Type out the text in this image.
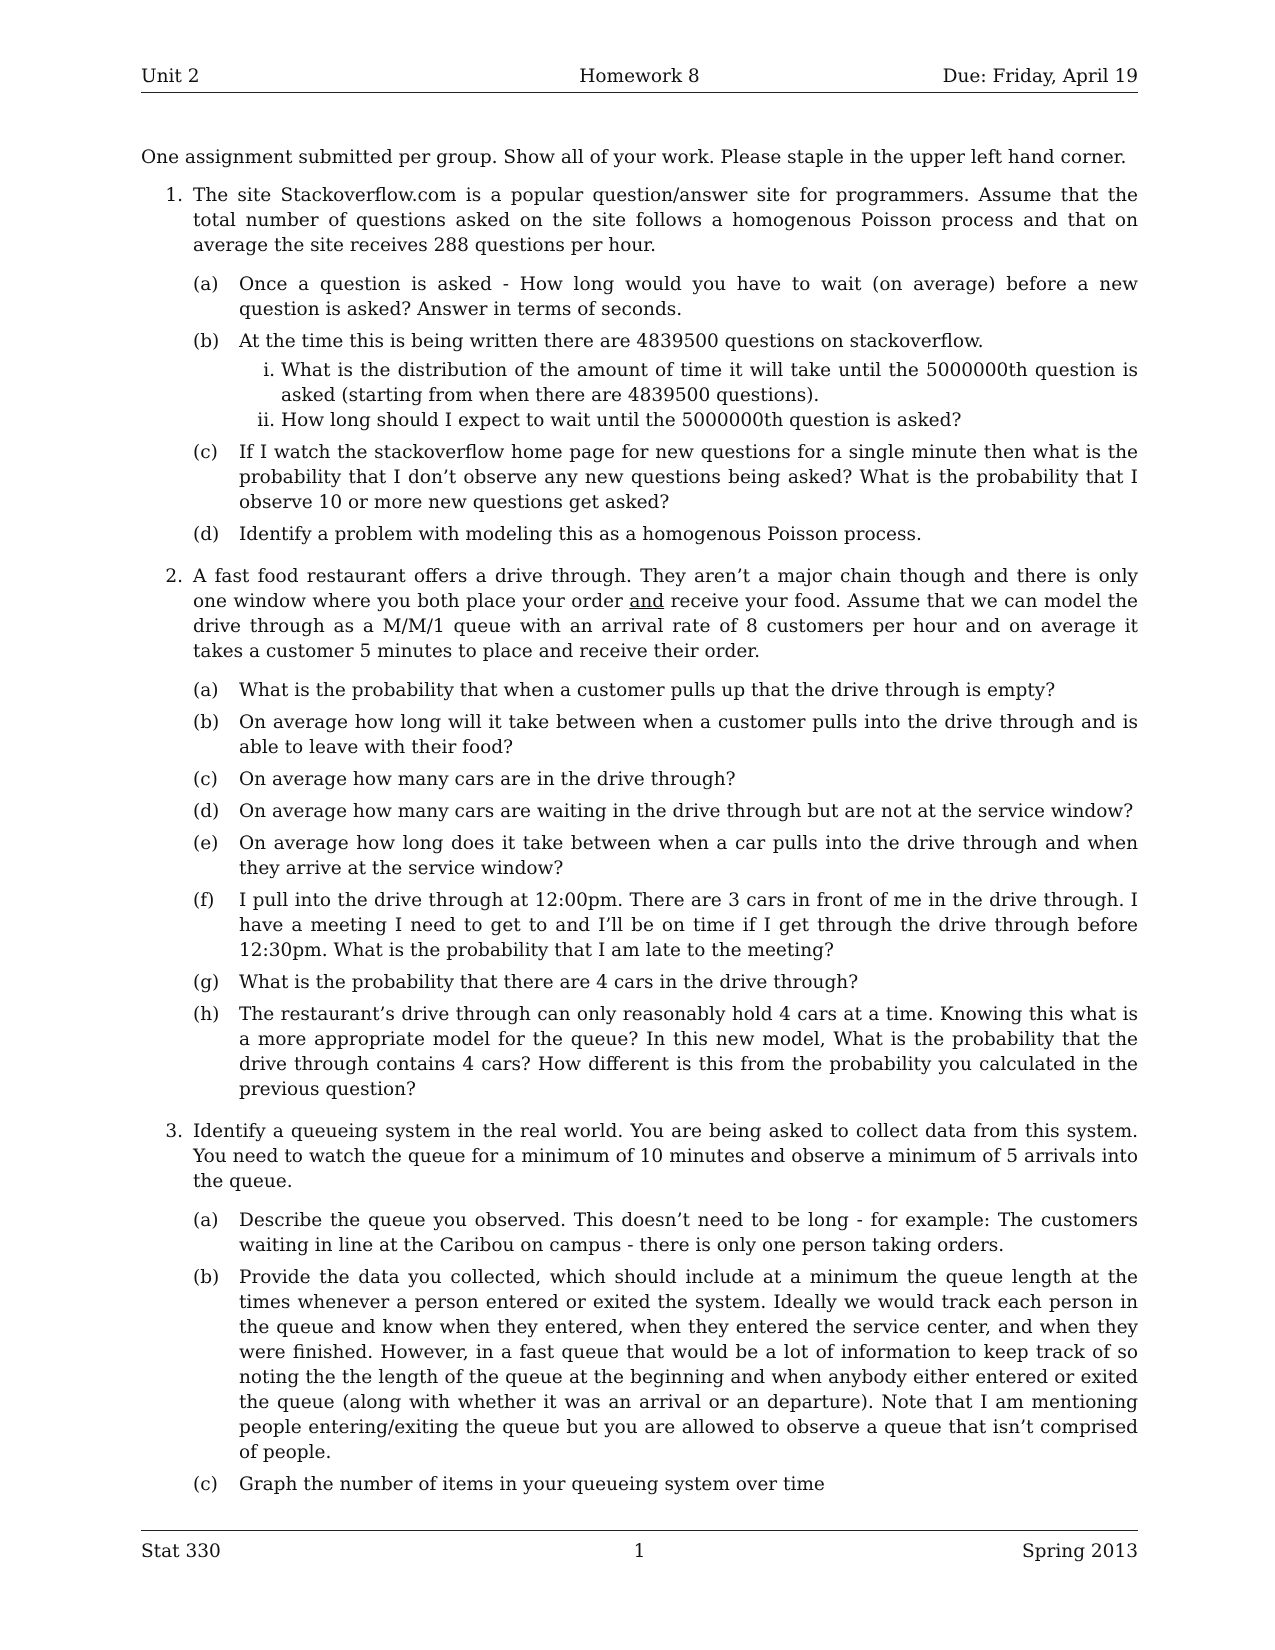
Unit 2	Homework 8	Due: Friday, April 19

One assignment submitted per group. Show all of your work. Please staple in the upper left hand corner.

1. The site Stackoverflow.com is a popular question/answer site for programmers. Assume that the total number of questions asked on the site follows a homogenous Poisson process and that on average the site receives 288 questions per hour.
(a)	Once a question is asked - How long would you have to wait (on average) before a new question is asked? Answer in terms of seconds.
(b)	At the time this is being written there are 4839500 questions on stackoverflow.
i. What is the distribution of the amount of time it will take until the 5000000th question is asked (starting from when there are 4839500 questions).
ii. How long should I expect to wait until the 5000000th question is asked?
(c)	If I watch the stackoverflow home page for new questions for a single minute then what is the probability that I don’t observe any new questions being asked? What is the probability that I observe 10 or more new questions get asked?
(d)	Identify a problem with modeling this as a homogenous Poisson process.
2. A fast food restaurant offers a drive through. They aren’t a major chain though and there is only one window where you both place your order and receive your food. Assume that we can model the drive through as a M/M/1 queue with an arrival rate of 8 customers per hour and on average it takes a customer 5 minutes to place and receive their order.
(a)	What is the probability that when a customer pulls up that the drive through is empty?
(b)	On average how long will it take between when a customer pulls into the drive through and is able to leave with their food?
(c)	On average how many cars are in the drive through?
(d)	On average how many cars are waiting in the drive through but are not at the service window?
(e)	On average how long does it take between when a car pulls into the drive through and when they arrive at the service window?
(f)	I pull into the drive through at 12:00pm. There are 3 cars in front of me in the drive through. I have a meeting I need to get to and I’ll be on time if I get through the drive through before 12:30pm. What is the probability that I am late to the meeting?
(g)	What is the probability that there are 4 cars in the drive through?
(h)	The restaurant’s drive through can only reasonably hold 4 cars at a time. Knowing this what is a more appropriate model for the queue? In this new model, What is the probability that the drive through contains 4 cars? How different is this from the probability you calculated in the previous question?
3. Identify a queueing system in the real world. You are being asked to collect data from this system. You need to watch the queue for a minimum of 10 minutes and observe a minimum of 5 arrivals into the queue.
(a)	Describe the queue you observed. This doesn’t need to be long - for example: The customers waiting in line at the Caribou on campus - there is only one person taking orders.
(b)	Provide the data you collected, which should include at a minimum the queue length at the times whenever a person entered or exited the system. Ideally we would track each person in the queue and know when they entered, when they entered the service center, and when they were finished. However, in a fast queue that would be a lot of information to keep track of so noting the the length of the queue at the beginning and when anybody either entered or exited the queue (along with whether it was an arrival or an departure). Note that I am mentioning people entering/exiting the queue but you are allowed to observe a queue that isn’t comprised of people.
(c)	Graph the number of items in your queueing system over time
Stat 330	1	Spring 2013
